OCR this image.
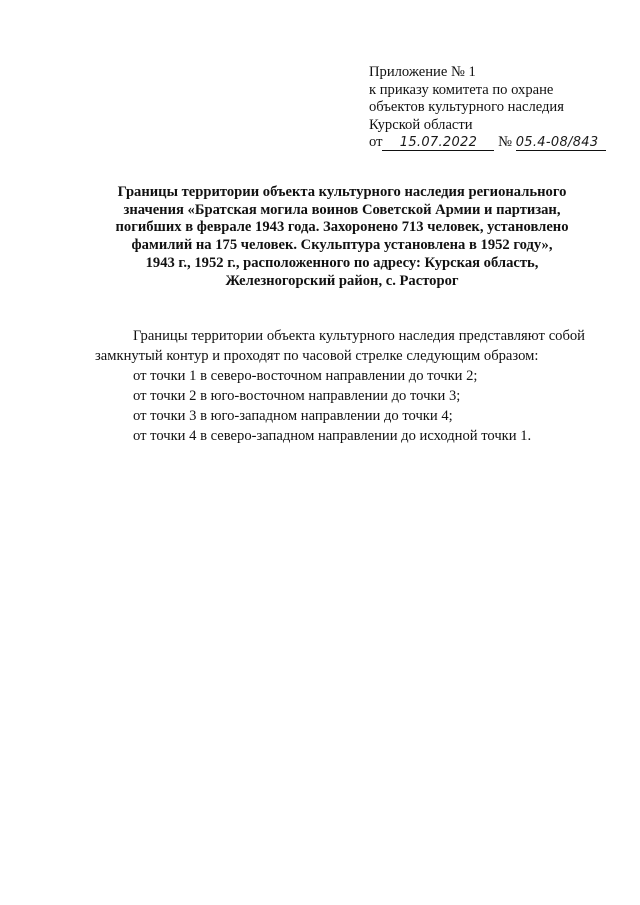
Приложение № 1
к приказу комитета по охране
объектов культурного наследия
Курской области
от 15.07.2022 № 05.4-08/843
Границы территории объекта культурного наследия регионального
значения «Братская могила воинов Советской Армии и партизан,
погибших в феврале 1943 года. Захоронено 713 человек, установлено
фамилий на 175 человек. Скульптура установлена в 1952 году»,
1943 г., 1952 г., расположенного по адресу: Курская область,
Железногорский район, с. Расторог

Границы территории объекта культурного наследия представляют собой замкнутый контур и проходят по часовой стрелке следующим образом:

от точки 1 в северо-восточном направлении до точки 2;
от точки 2 в юго-восточном направлении до точки 3;
от точки 3 в юго-западном направлении до точки 4;
от точки 4 в северо-западном направлении до исходной точки 1.
